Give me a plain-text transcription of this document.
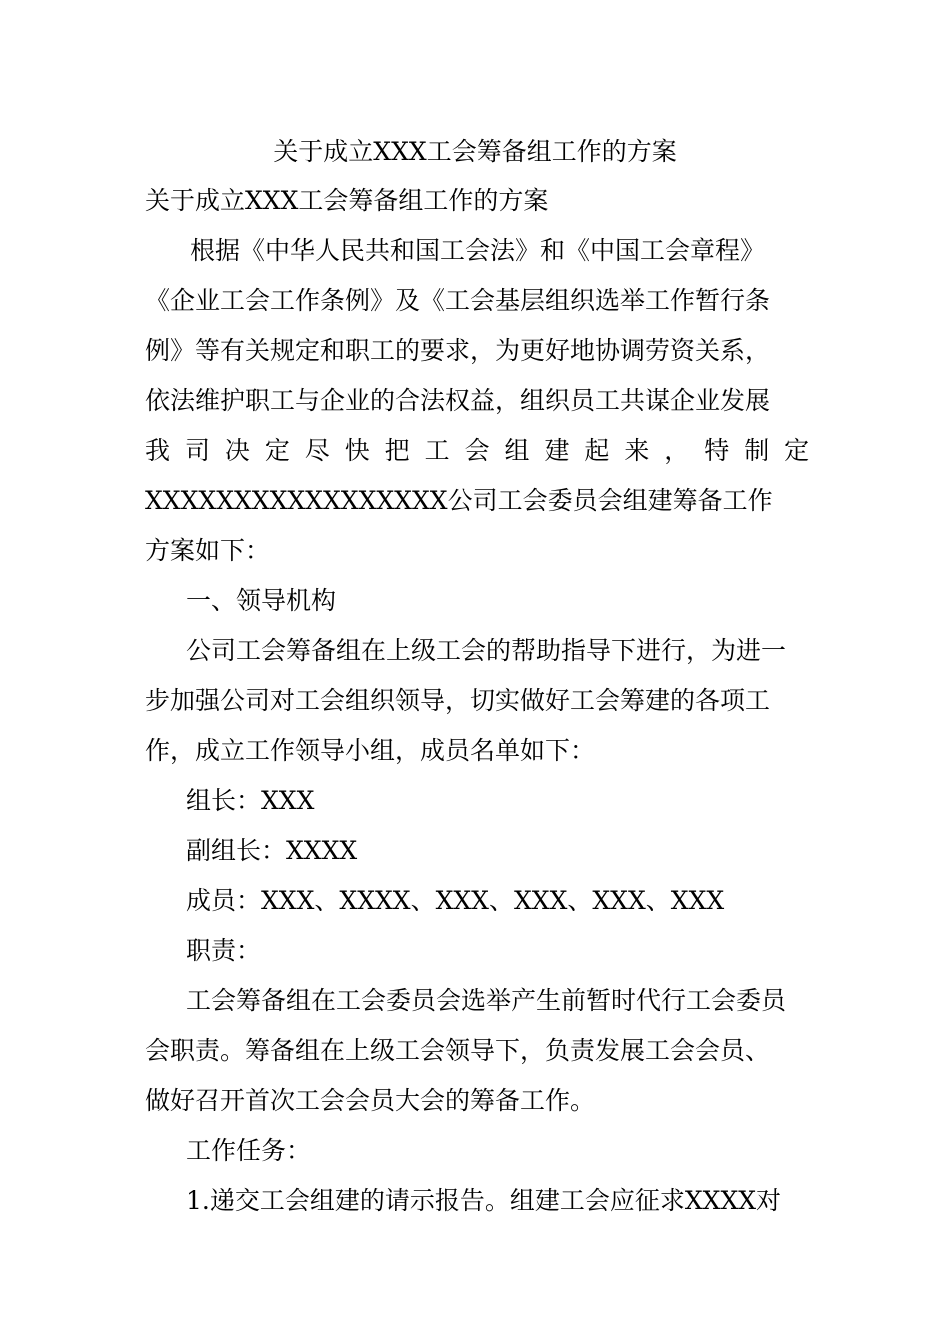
关于成立XXX工会筹备组工作的方案
关于成立XXX工会筹备组工作的方案
根据《中华人民共和国工会法》和《中国工会章程》
《企业工会工作条例》及《工会基层组织选举工作暂行条
例》等有关规定和职工的要求，为更好地协调劳资关系，
依法维护职工与企业的合法权益，组织员工共谋企业发展
我 司 决 定 尽 快 把 工 会 组 建 起 来 ， 特 制 定
XXXXXXXXXXXXXXXXX公司工会委员会组建筹备工作
方案如下：
一、领导机构
公司工会筹备组在上级工会的帮助指导下进行，为进一
步加强公司对工会组织领导，切实做好工会筹建的各项工
作，成立工作领导小组，成员名单如下：
组长：XXX
副组长：XXXX
成员：XXX、XXXX、XXX、XXX、XXX、XXX
职责：
工会筹备组在工会委员会选举产生前暂时代行工会委员
会职责。筹备组在上级工会领导下，负责发展工会会员、
做好召开首次工会会员大会的筹备工作。
工作任务：
1.递交工会组建的请示报告。组建工会应征求XXXX对
